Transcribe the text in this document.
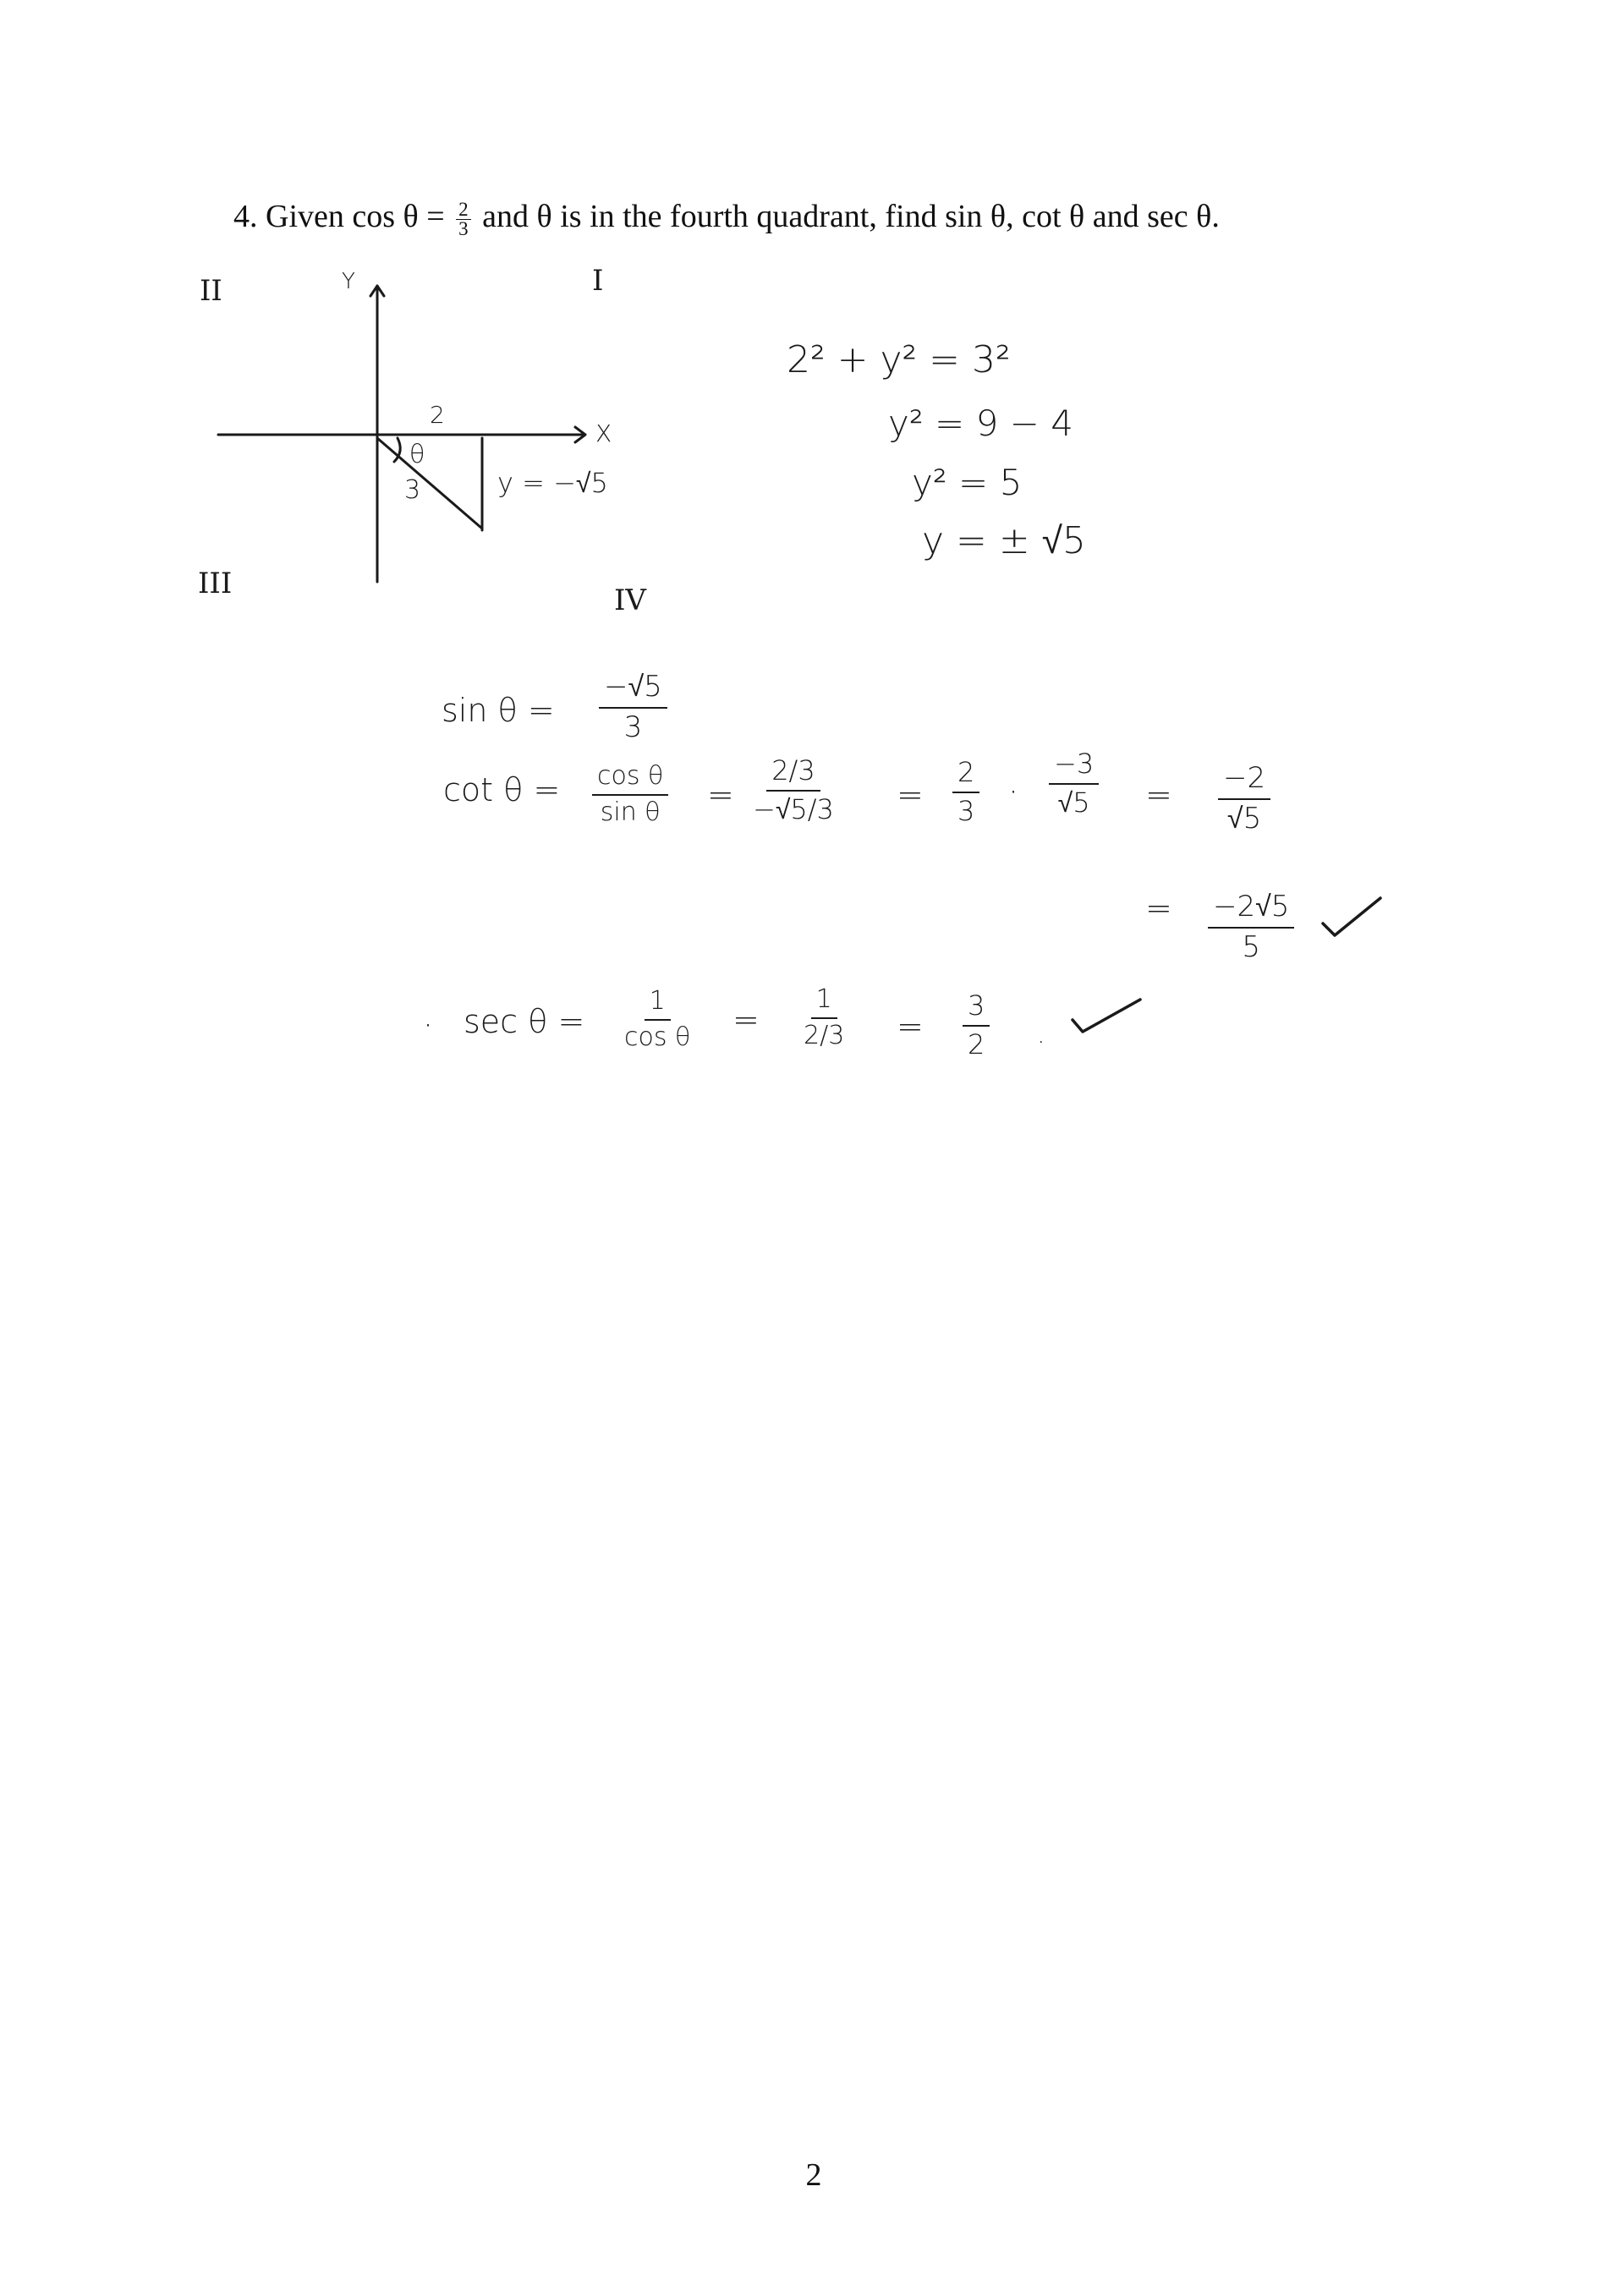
4. Given $\cos \theta = \frac{2}{3}$ and θ is in the fourth quadrant, find sin θ, cot θ and sec θ.
II	I
III	IV
Y
X
2
3
θ
y = −√5
2² + y² = 3²
y² = 9 − 4
y² = 5
y = ± √5
$\sin \theta = \frac{-√5}{3}$
$\cot \theta = \frac{\text{cos θ}}{\text{sin θ}} = \frac{2/3}{-√5/3} = \frac{2}{3} \cdot \frac{-3}{√5} = \frac{-2}{√5}$
= $\frac{-2√5}{5}$
· $\sec \theta = \frac{1}{\text{cos θ}} = \frac{1}{2/3} = \frac{3}{2}$ .
2
